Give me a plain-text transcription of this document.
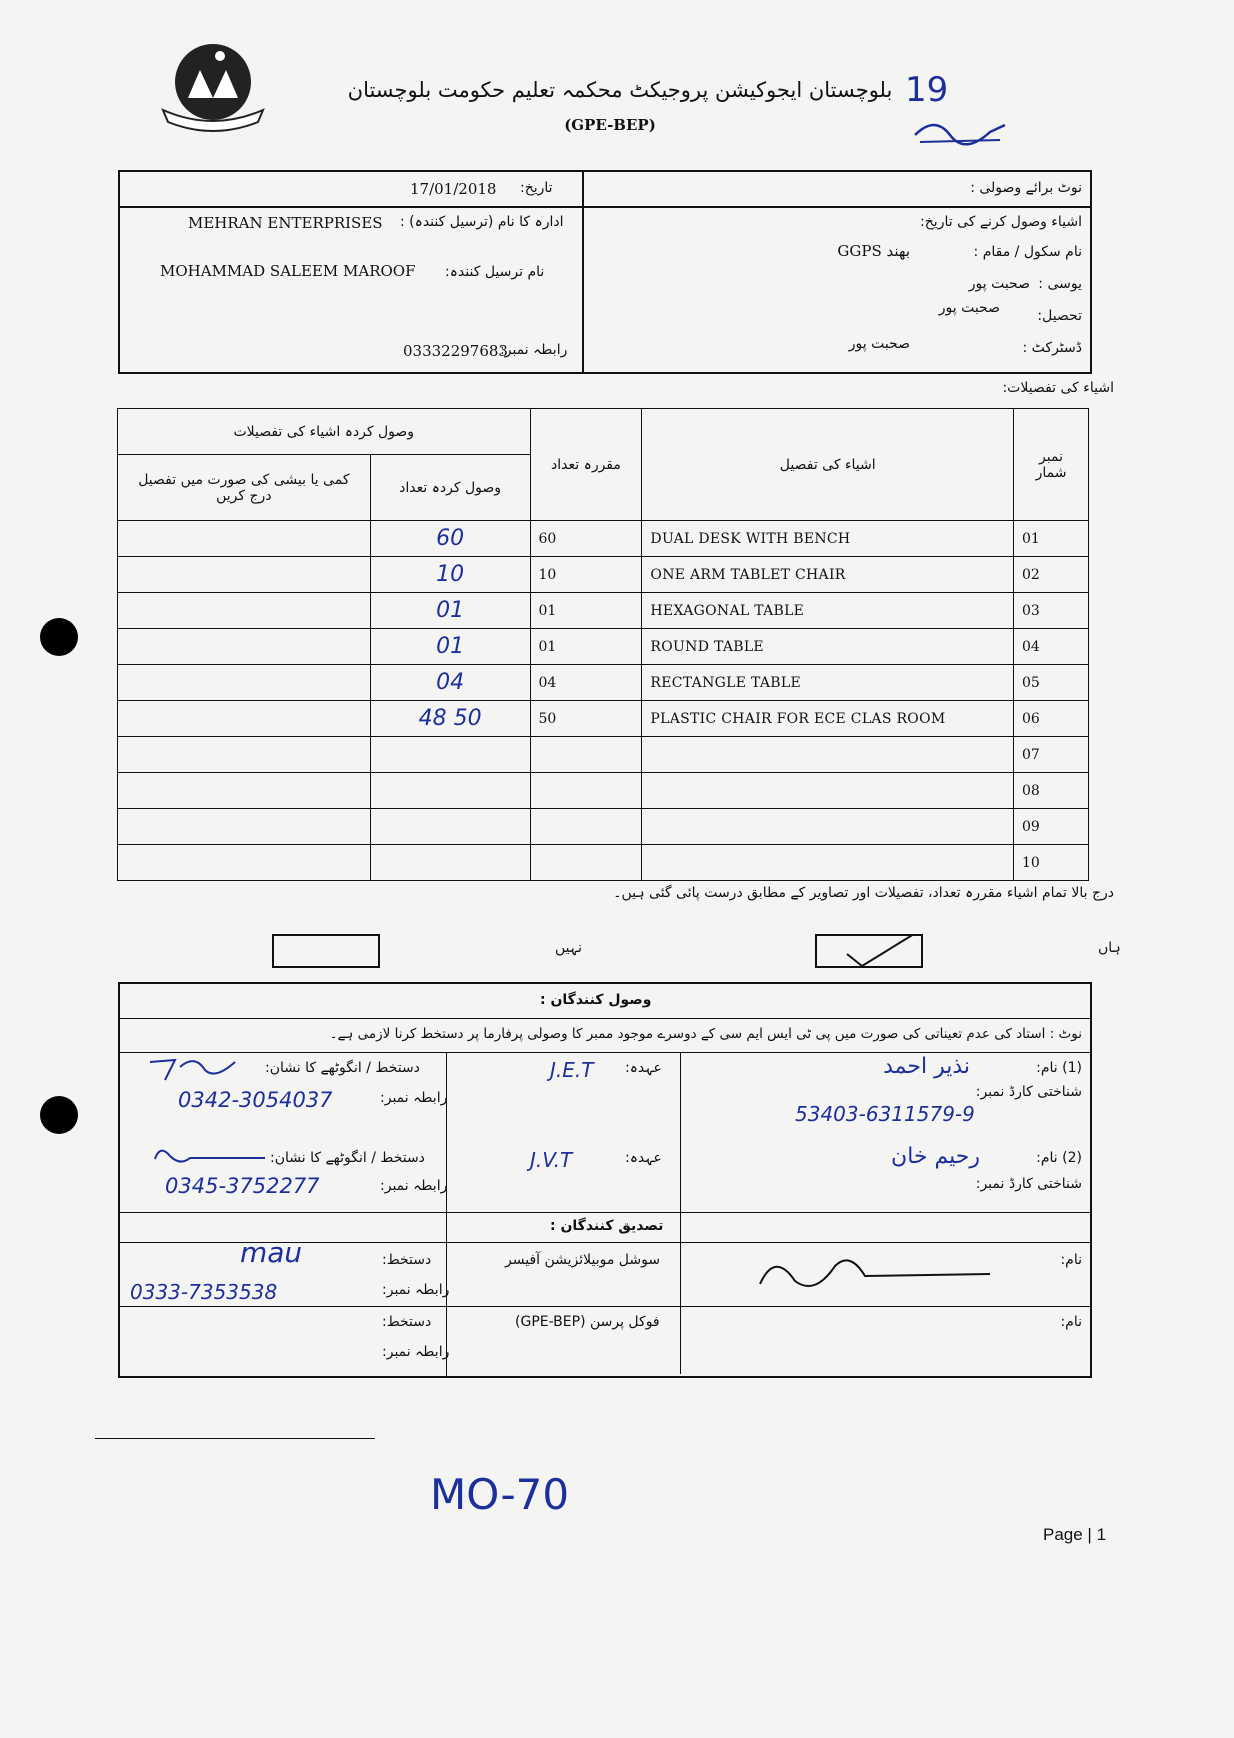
بلوچستان ایجوکیشن پروجیکٹ محکمہ تعلیم حکومت بلوچستان
(GPE-BEP)
19
نوٹ برائے وصولی :
اشیاء وصول کرنے کی تاریخ:
نام سکول / مقام :
GGPS بھند
یوسی :
صحبت پور
تحصیل:
صحبت پور
ڈسٹرکٹ :
صحبت پور
تاریخ:
17/01/2018
ادارہ کا نام (ترسیل کنندہ) :
MEHRAN ENTERPRISES
نام ترسیل کنندہ:
MOHAMMAD SALEEM MAROOF
رابطہ نمبر:
03332297683
اشیاء کی تفصیلات:
وصول کردہ اشیاء کی تفصیلات		مقررہ تعداد	اشیاء کی تفصیل	نمبر شمار
کمی یا بیشی کی صورت میں تفصیل درج کریں	وصول کردہ تعداد			
	60	60	DUAL DESK WITH BENCH	01
	10	10	ONE ARM TABLET CHAIR	02
	01	01	HEXAGONAL TABLE	03
	01	01	ROUND TABLE	04
	04	04	RECTANGLE TABLE	05
	48 50	50	PLASTIC CHAIR FOR ECE CLAS ROOM	06
				07
				08
				09
				10
درج بالا تمام اشیاء مقررہ تعداد، تفصیلات اور تصاویر کے مطابق درست پائی گئی ہیں۔
ہاں
نہیں
وصول کنندگان :
نوٹ : استاد کی عدم تعیناتی کی صورت میں پی ٹی ایس ایم سی کے دوسرے موجود ممبر کا وصولی پرفارما پر دستخط کرنا لازمی ہے۔
(1) نام:
نذیر احمد
شناختی کارڈ نمبر:
53403-6311579-9
عہدہ:
J.E.T
دستخط / انگوٹھے کا نشان:
رابطہ نمبر:
0342-3054037
(2) نام:
رحیم خان
شناختی کارڈ نمبر:
عہدہ:
J.V.T
دستخط / انگوٹھے کا نشان:
رابطہ نمبر:
0345-3752277
تصدیق کنندگان :
نام:
سوشل موبیلائزیشن آفیسر
دستخط:
mau
رابطہ نمبر:
0333-7353538
نام:
فوکل پرسن (GPE-BEP)
دستخط:
رابطہ نمبر:
MO-70
Page | 1
